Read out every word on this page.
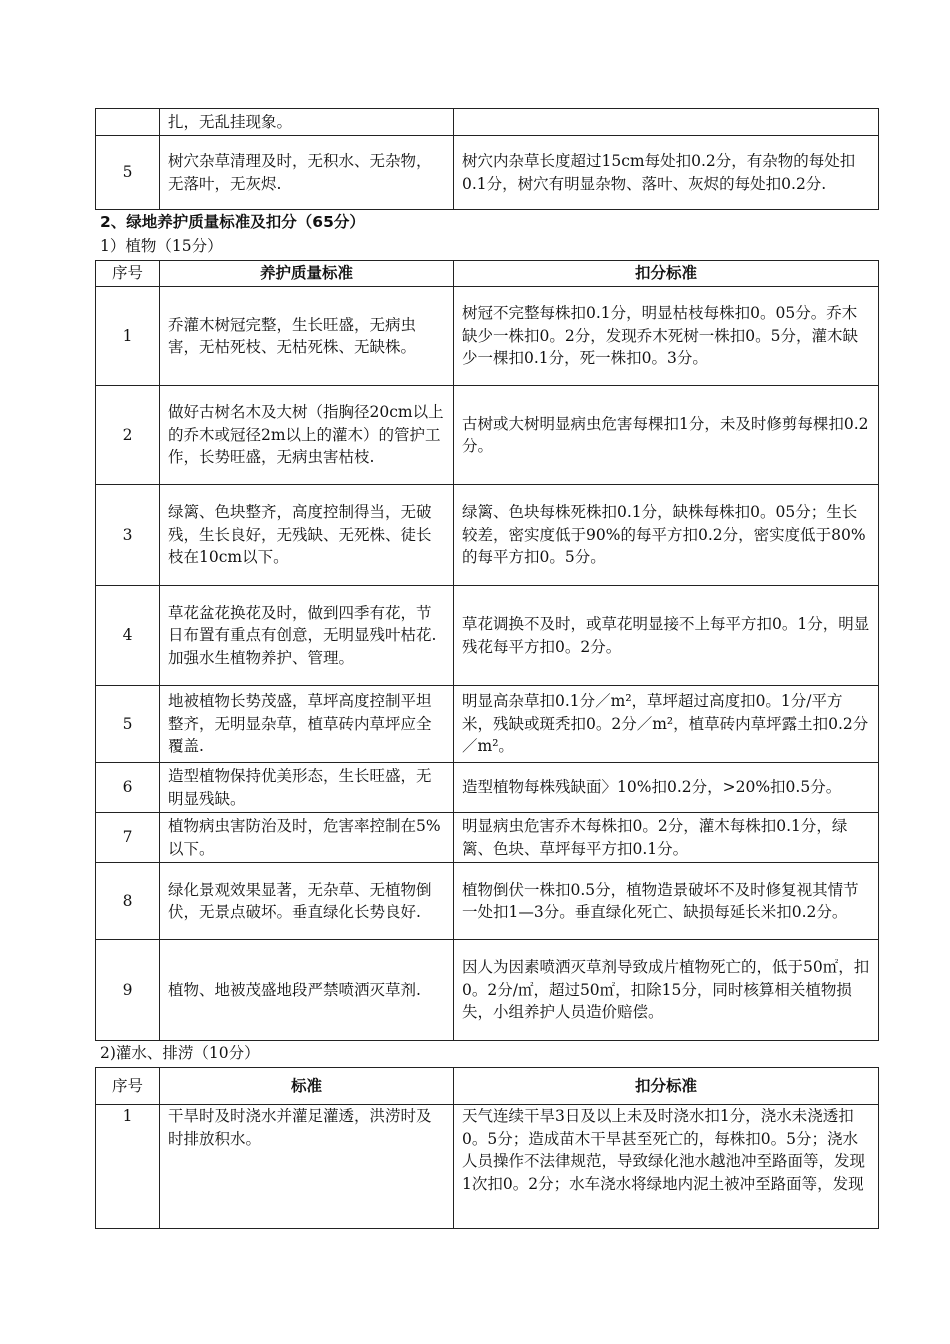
	扎，无乱挂现象。	
5	树穴杂草清理及时，无积水、无杂物，无落叶，无灰烬.	树穴内杂草长度超过15cm每处扣0.2分，有杂物的每处扣0.1分，树穴有明显杂物、落叶、灰烬的每处扣0.2分.
2、绿地养护质量标准及扣分（65分）
1）植物（15分）
序号	养护质量标准	扣分标准
1	乔灌木树冠完整，生长旺盛，无病虫害，无枯死枝、无枯死株、无缺株。	树冠不完整每株扣0.1分，明显枯枝每株扣0。05分。乔木缺少一株扣0。2分，发现乔木死树一株扣0。5分，灌木缺少一棵扣0.1分，死一株扣0。3分。
2	做好古树名木及大树（指胸径20cm以上的乔木或冠径2m以上的灌木）的管护工作，长势旺盛，无病虫害枯枝.	古树或大树明显病虫危害每棵扣1分，未及时修剪每棵扣0.2分。
3	绿篱、色块整齐，高度控制得当，无破残，生长良好，无残缺、无死株、徒长枝在10cm以下。	绿篱、色块每株死株扣0.1分，缺株每株扣0。05分；生长较差，密实度低于90%的每平方扣0.2分，密实度低于80%的每平方扣0。5分。
4	草花盆花换花及时，做到四季有花，节日布置有重点有创意，无明显残叶枯花.加强水生植物养护、管理。	草花调换不及时，或草花明显接不上每平方扣0。1分，明显残花每平方扣0。2分。
5	地被植物长势茂盛，草坪高度控制平坦整齐，无明显杂草，植草砖内草坪应全覆盖.	明显高杂草扣0.1分／m²，草坪超过高度扣0。1分/平方米，残缺或斑秃扣0。2分／m²，植草砖内草坪露土扣0.2分／m²。
6	造型植物保持优美形态，生长旺盛，无明显残缺。	造型植物每株残缺面〉10%扣0.2分，>20%扣0.5分。
7	植物病虫害防治及时，危害率控制在5%以下。	明显病虫危害乔木每株扣0。2分，灌木每株扣0.1分，绿篱、色块、草坪每平方扣0.1分。
8	绿化景观效果显著，无杂草、无植物倒伏，无景点破坏。垂直绿化长势良好.	植物倒伏一株扣0.5分，植物造景破坏不及时修复视其情节一处扣1—3分。垂直绿化死亡、缺损每延长米扣0.2分。
9	植物、地被茂盛地段严禁喷洒灭草剂.	因人为因素喷洒灭草剂导致成片植物死亡的，低于50㎡，扣0。2分/㎡，超过50㎡，扣除15分，同时核算相关植物损失，小组养护人员造价赔偿。
2)灌水、排涝（10分）
序号	标准	扣分标准
1	干旱时及时浇水并灌足灌透，洪涝时及时排放积水。	天气连续干旱3日及以上未及时浇水扣1分，浇水未浇透扣0。5分；造成苗木干旱甚至死亡的，每株扣0。5分；浇水人员操作不法律规范，导致绿化池水越池冲至路面等，发现1次扣0。2分；水车浇水将绿地内泥土被冲至路面等，发现
